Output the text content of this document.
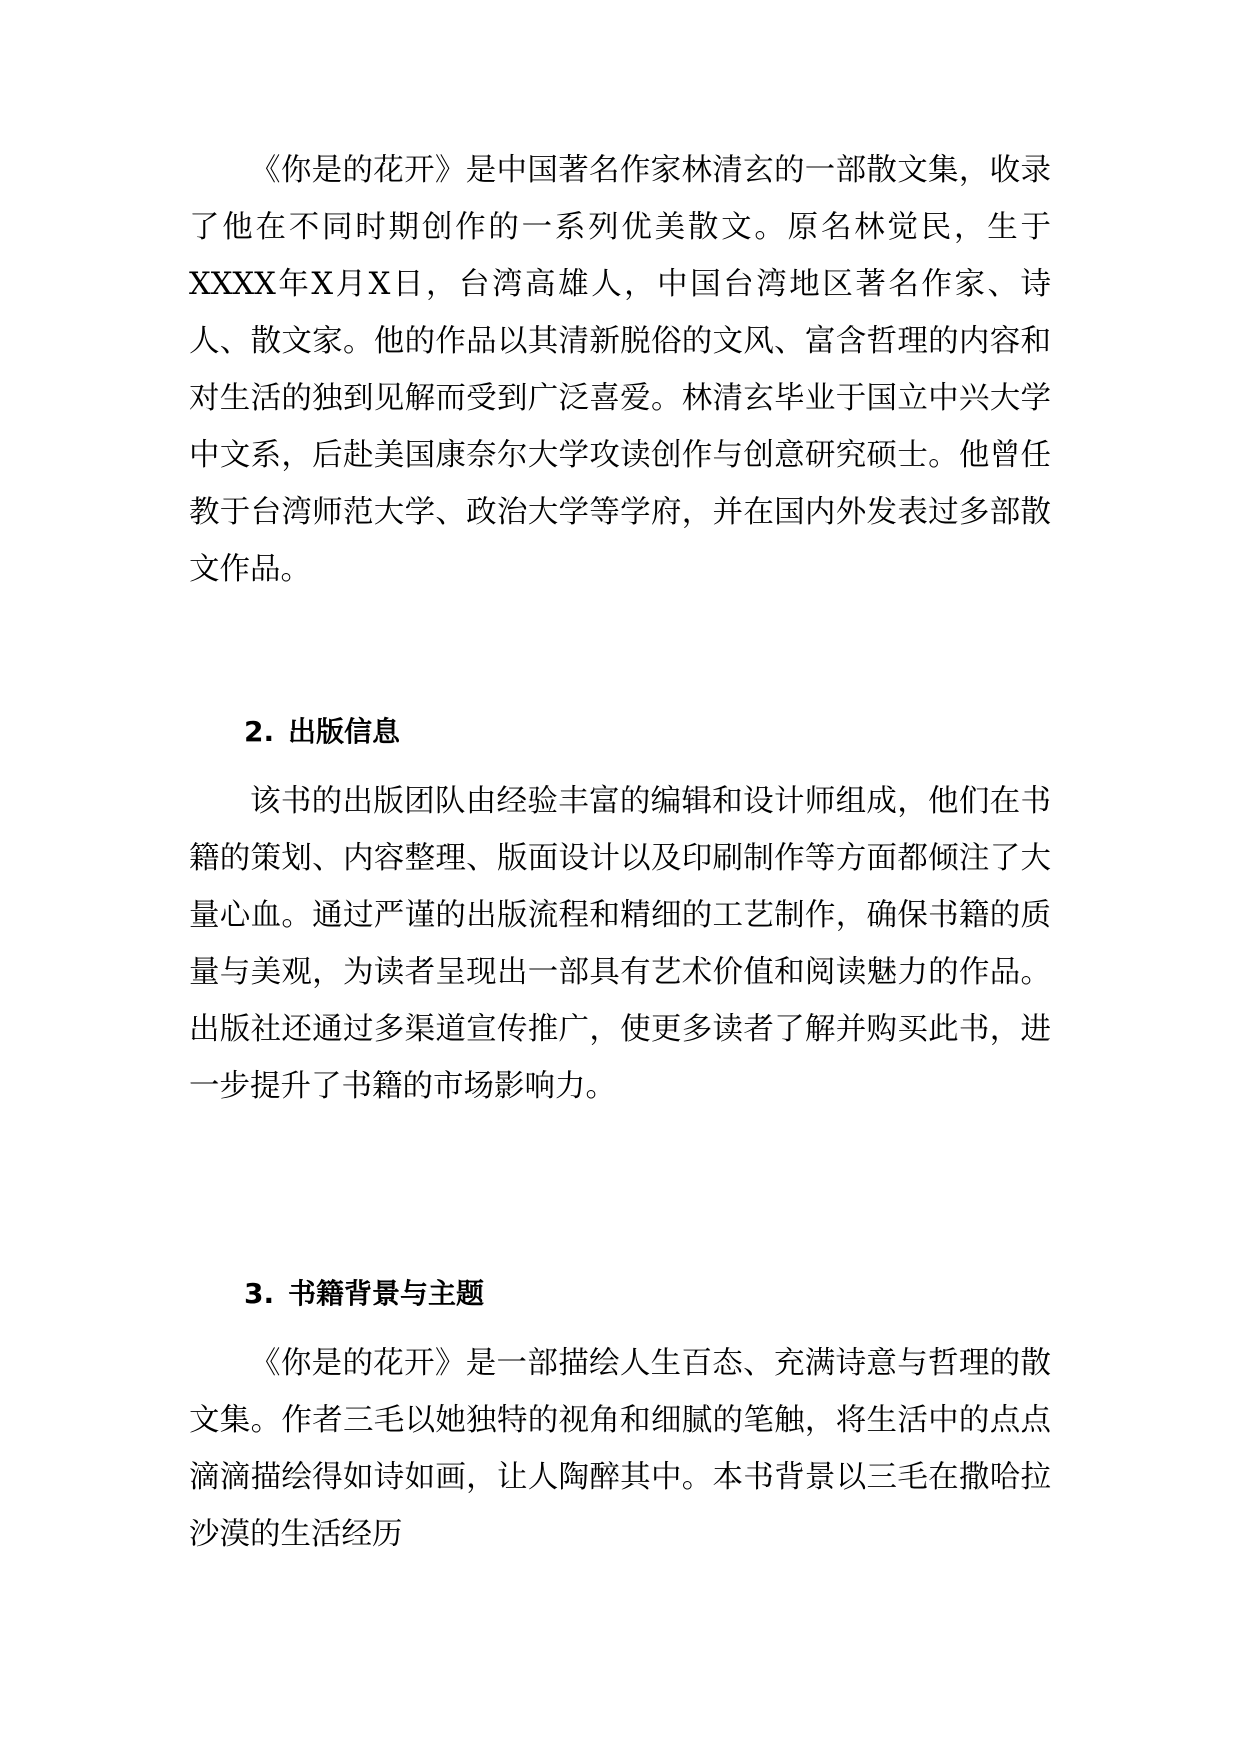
《你是的花开》是中国著名作家林清玄的一部散文集，收录了他在不同时期创作的一系列优美散文。原名林觉民，生于XXXX年X月X日，台湾高雄人，中国台湾地区著名作家、诗人、散文家。他的作品以其清新脱俗的文风、富含哲理的内容和对生活的独到见解而受到广泛喜爱。林清玄毕业于国立中兴大学中文系，后赴美国康奈尔大学攻读创作与创意研究硕士。他曾任教于台湾师范大学、政治大学等学府，并在国内外发表过多部散文作品。

2. 出版信息

该书的出版团队由经验丰富的编辑和设计师组成，他们在书籍的策划、内容整理、版面设计以及印刷制作等方面都倾注了大量心血。通过严谨的出版流程和精细的工艺制作，确保书籍的质量与美观，为读者呈现出一部具有艺术价值和阅读魅力的作品。出版社还通过多渠道宣传推广，使更多读者了解并购买此书，进一步提升了书籍的市场影响力。

3. 书籍背景与主题

《你是的花开》是一部描绘人生百态、充满诗意与哲理的散文集。作者三毛以她独特的视角和细腻的笔触，将生活中的点点滴滴描绘得如诗如画，让人陶醉其中。本书背景以三毛在撒哈拉沙漠的生活经历
